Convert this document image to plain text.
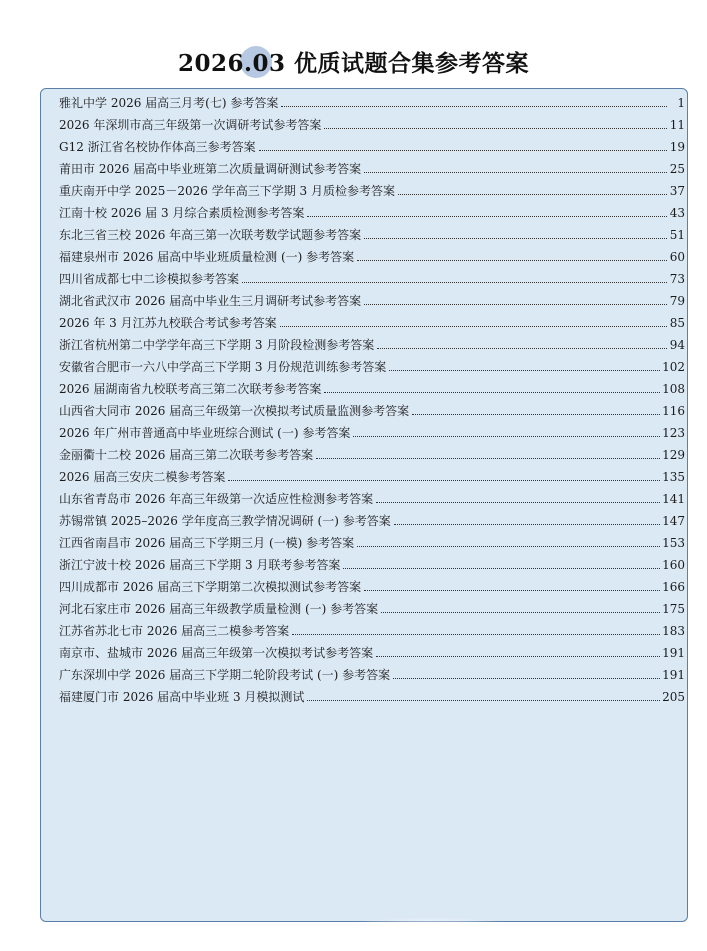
2026.03 优质试题合集参考答案
雅礼中学 2026 届高三月考(七) 参考答案	1
2026 年深圳市高三年级第一次调研考试参考答案	11
G12 浙江省名校协作体高三参考答案	19
莆田市 2026 届高中毕业班第二次质量调研测试参考答案	25
重庆南开中学 2025－2026 学年高三下学期 3 月质检参考答案	37
江南十校 2026 届 3 月综合素质检测参考答案	43
东北三省三校 2026 年高三第一次联考数学试题参考答案	51
福建泉州市 2026 届高中毕业班质量检测 (一) 参考答案	60
四川省成都七中二诊模拟参考答案	73
湖北省武汉市 2026 届高中毕业生三月调研考试参考答案	79
2026 年 3 月江苏九校联合考试参考答案	85
浙江省杭州第二中学学年高三下学期 3 月阶段检测参考答案	94
安徽省合肥市一六八中学高三下学期 3 月份规范训练参考答案	102
2026 届湖南省九校联考高三第二次联考参考答案	108
山西省大同市 2026 届高三年级第一次模拟考试质量监测参考答案	116
2026 年广州市普通高中毕业班综合测试 (一) 参考答案	123
金丽衢十二校 2026 届高三第二次联考参考答案	129
2026 届高三安庆二模参考答案	135
山东省青岛市 2026 年高三年级第一次适应性检测参考答案	141
苏锡常镇 2025–2026 学年度高三教学情况调研 (一) 参考答案	147
江西省南昌市 2026 届高三下学期三月 (一模) 参考答案	153
浙江宁波十校 2026 届高三下学期 3 月联考参考答案	160
四川成都市 2026 届高三下学期第二次模拟测试参考答案	166
河北石家庄市 2026 届高三年级教学质量检测 (一) 参考答案	175
江苏省苏北七市 2026 届高三二模参考答案	183
南京市、盐城市 2026 届高三年级第一次模拟考试参考答案	191
广东深圳中学 2026 届高三下学期二轮阶段考试 (一) 参考答案	191
福建厦门市 2026 届高中毕业班 3 月模拟测试	205
